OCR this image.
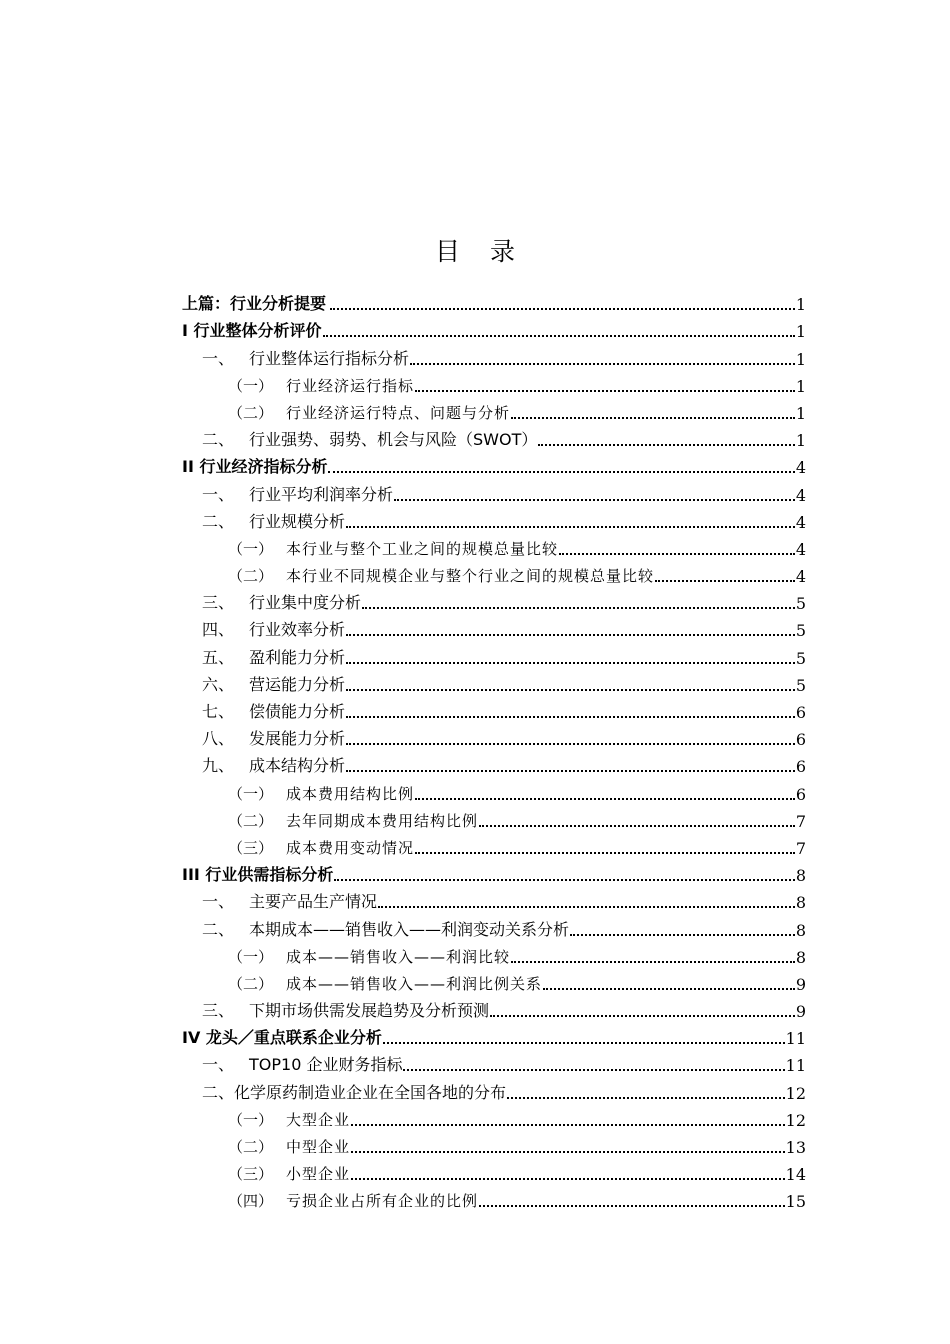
目录
上篇：行业分析提要	1
I 行业整体分析评价	1
一、 行业整体运行指标分析	1
（一） 行业经济运行指标	1
（二） 行业经济运行特点、问题与分析	1
二、 行业强势、弱势、机会与风险（SWOT）	1
II 行业经济指标分析	4
一、 行业平均利润率分析	4
二、 行业规模分析	4
（一） 本行业与整个工业之间的规模总量比较	4
（二） 本行业不同规模企业与整个行业之间的规模总量比较	4
三、 行业集中度分析	5
四、 行业效率分析	5
五、 盈利能力分析	5
六、 营运能力分析	5
七、 偿债能力分析	6
八、 发展能力分析	6
九、 成本结构分析	6
（一） 成本费用结构比例	6
（二） 去年同期成本费用结构比例	7
（三） 成本费用变动情况	7
III 行业供需指标分析	8
一、 主要产品生产情况	8
二、 本期成本——销售收入——利润变动关系分析	8
（一） 成本——销售收入——利润比较	8
（二） 成本——销售收入——利润比例关系	9
三、 下期市场供需发展趋势及分析预测	9
IV 龙头／重点联系企业分析	11
一、 TOP10 企业财务指标	11
二、化学原药制造业企业在全国各地的分布	12
（一） 大型企业	12
（二） 中型企业	13
（三） 小型企业	14
（四） 亏损企业占所有企业的比例	15
